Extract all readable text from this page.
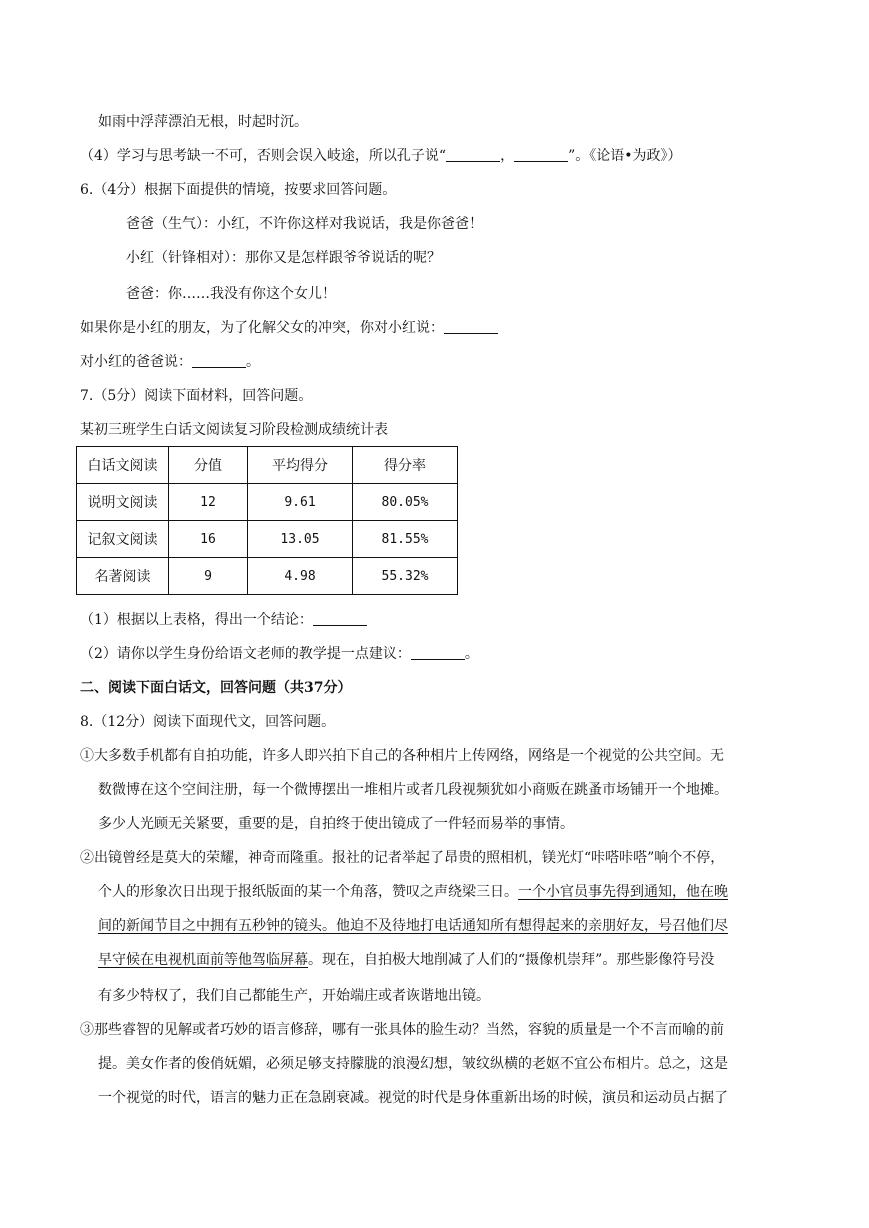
如雨中浮萍漂泊无根，时起时沉。
（4）学习与思考缺一不可，否则会误入岐途，所以孔子说“	，	”。《论语•为政》）
6.（4分）根据下面提供的情境，按要求回答问题。
爸爸（生气）：小红，不许你这样对我说话，我是你爸爸！
小红（针锋相对）：那你又是怎样跟爷爷说话的呢？
爸爸：你……我没有你这个女儿！
如果你是小红的朋友，为了化解父女的冲突，你对小红说：
对小红的爸爸说：	。
7.（5分）阅读下面材料，回答问题。
某初三班学生白话文阅读复习阶段检测成绩统计表
白话文阅读	分值	平均得分	得分率
说明文阅读	12	9.61	80.05%
记叙文阅读	16	13.05	81.55%
名著阅读	9	4.98	55.32%
（1）根据以上表格，得出一个结论：
（2）请你以学生身份给语文老师的教学提一点建议：	。
二、阅读下面白话文，回答问题（共37分）
8.（12分）阅读下面现代文，回答问题。
①大多数手机都有自拍功能，许多人即兴拍下自己的各种相片上传网络，网络是一个视觉的公共空间。无
数微博在这个空间注册，每一个微博摆出一堆相片或者几段视频犹如小商贩在跳蚤市场铺开一个地摊。
多少人光顾无关紧要，重要的是，自拍终于使出镜成了一件轻而易举的事情。
②出镜曾经是莫大的荣耀，神奇而隆重。报社的记者举起了昂贵的照相机，镁光灯“咔嗒咔嗒”响个不停，
个人的形象次日出现于报纸版面的某一个角落，赞叹之声绕梁三日。一个小官员事先得到通知，他在晚
间的新闻节目之中拥有五秒钟的镜头。他迫不及待地打电话通知所有想得起来的亲朋好友，号召他们尽
早守候在电视机面前等他驾临屏幕。现在，自拍极大地削减了人们的“摄像机崇拜”。那些影像符号没
有多少特权了，我们自己都能生产，开始端庄或者诙谐地出镜。
③那些睿智的见解或者巧妙的语言修辞，哪有一张具体的脸生动？当然，容貌的质量是一个不言而喻的前
提。美女作者的俊俏妩媚，必须足够支持朦胧的浪漫幻想，皱纹纵横的老妪不宜公布相片。总之，这是
一个视觉的时代，语言的魅力正在急剧衰减。视觉的时代是身体重新出场的时候，演员和运动员占据了
